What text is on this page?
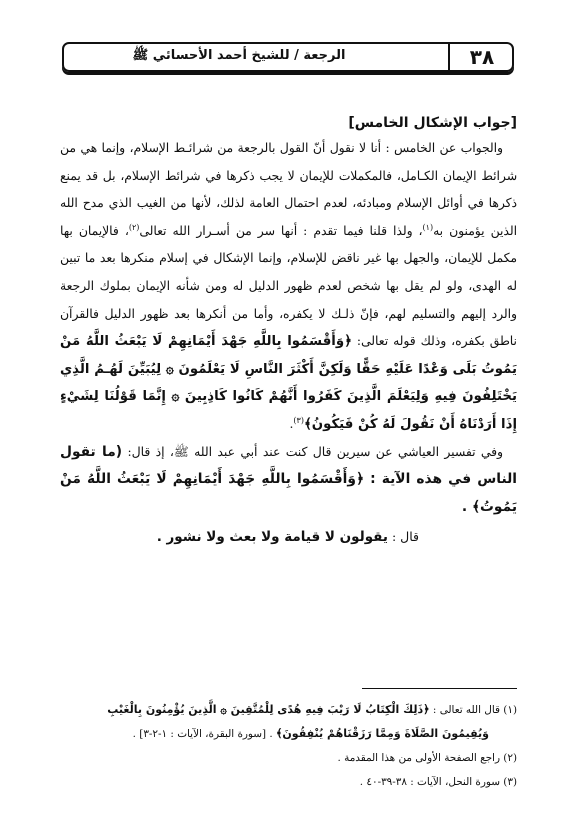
٣٨
الرجعة / للشيخ أحمد الأحسائي ﷺ
[جواب الإشكال الخامس]

والجواب عن الخامس : أنا لا نقول أنّ القول بالرجعة من شرائـط الإسلام، وإنما هي من شرائط الإيمان الكـامل، فالمكملات للإيمان لا يجب ذكرها في شرائط الإسلام، بل قد يمنع ذكرها في أوائل الإسلام ومبادئه، لعدم احتمال العامة لذلك، لأنها من الغيب الذي مدح الله الذين يؤمنون به$^{(١)}$، ولذا قلنا فيما تقدم : أنها سر من أسـرار الله تعالى$^{(٢)}$، فالإيمان بها مكمل للإيمان، والجهل بها غير ناقض للإسلام، وإنما الإشكال في إسلام منكرها بعد ما تبين له الهدى، ولو لم يقل بها شخص لعدم ظهور الدليل له ومن شأنه الإيمان بملوك الرجعة والرد إليهم والتسليم لهم، فإنّ ذلـك لا يكفره، وأما من أنكرها بعد ظهور الدليل فالقرآن ناطق بكفره، وذلك قوله تعالى: ﴿وَأَقْسَمُوا بِاللَّهِ جَهْدَ أَيْمَانِهِمْ لَا يَبْعَثُ اللَّهُ مَنْ يَمُوتُ بَلَى وَعْدًا عَلَيْهِ حَقًّا وَلَكِنَّ أَكْثَرَ النَّاسِ لَا يَعْلَمُونَ ۞ لِيُبَيِّنَ لَهُـمُ الَّذِي يَخْتَلِفُونَ فِيهِ وَلِيَعْلَمَ الَّذِينَ كَفَرُوا أَنَّهُمْ كَانُوا كَاذِبِينَ ۞ إِنَّمَا قَوْلُنَا لِشَيْءٍ إِذَا أَرَدْنَاهُ أَنْ نَقُولَ لَهُ كُنْ فَيَكُونُ﴾$^{(٣)}$.

وفي تفسير العياشي عن سيرين قال كنت عند أبي عبد الله ﷺ، إذ قال: (ما تقول الناس في هذه الآية : ﴿وَأَقْسَمُوا بِاللَّهِ جَهْدَ أَيْمَانِهِمْ لَا يَبْعَثُ اللَّهُ مَنْ يَمُوتُ﴾ .

قال : يقولون لا قيامة ولا بعث ولا نشور .

(١) قال الله تعالى : ﴿ذَلِكَ الْكِتَابُ لَا رَيْبَ فِيهِ هُدًى لِلْمُتَّقِينَ ۞ الَّذِينَ يُؤْمِنُونَ بِالْغَيْبِ

وَيُقِيمُونَ الصَّلَاةَ وَمِمَّا رَزَقْنَاهُمْ يُنْفِقُونَ﴾ . [سورة البقرة، الآيات : ١-٢-٣] .

(٢) راجع الصفحة الأولى من هذا المقدمة .

(٣) سورة النحل، الآيات : ٣٨-٣٩-٤٠ .
